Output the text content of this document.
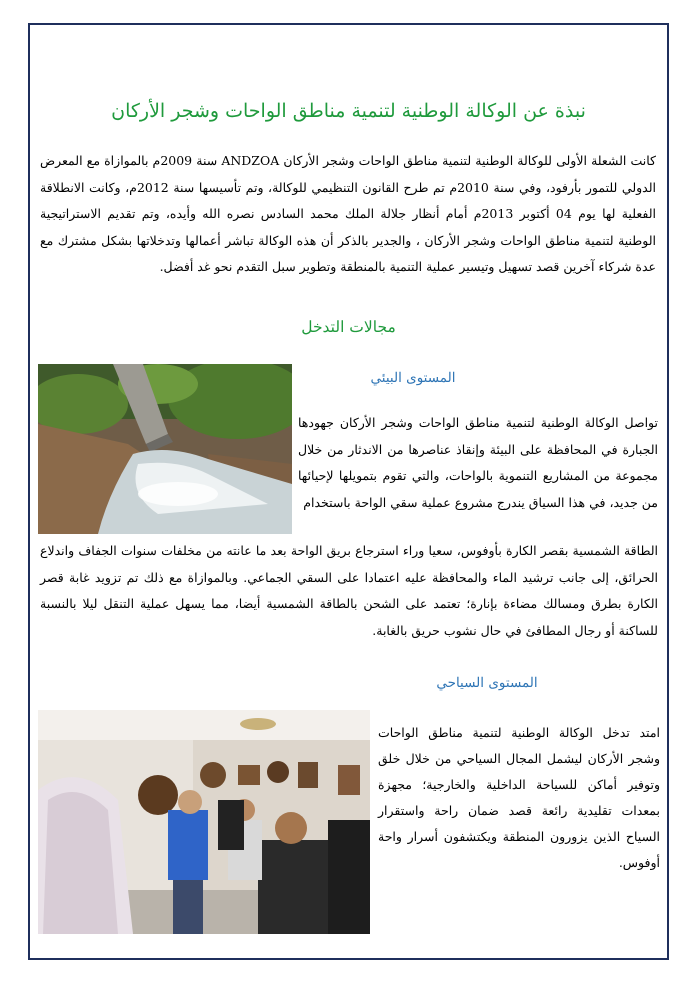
نبذة عن الوكالة الوطنية لتنمية مناطق الواحات وشجر الأركان

كانت الشعلة الأولى للوكالة الوطنية لتنمية مناطق الواحات وشجر الأركان ANDZOA سنة 2009م بالموازاة مع المعرض الدولي للتمور بأرفود، وفي سنة 2010م تم طرح القانون التنظيمي للوكالة، وتم تأسيسها سنة 2012م، وكانت الانطلاقة الفعلية لها يوم 04 أكتوبر 2013م أمام أنظار جلالة الملك محمد السادس نصره الله وأيده، وتم تقديم الاستراتيجية الوطنية لتنمية مناطق الواحات وشجر الأركان ، والجدير بالذكر أن هذه الوكالة تباشر أعمالها وتدخلاتها بشكل مشترك مع عدة شركاء آخرين قصد تسهيل وتيسير عملية التنمية بالمنطقة وتطوير سبل التقدم نحو غد أفضل.

مجالات التدخل
المستوى البيئي

تواصل الوكالة الوطنية لتنمية مناطق الواحات وشجر الأركان جهودها الجبارة في المحافظة على البيئة وإنقاذ عناصرها من الاندثار من خلال مجموعة من المشاريع التنموية بالواحات، والتي تقوم بتمويلها لإحيائها من جديد، في هذا السياق يندرج مشروع عملية سقي الواحة باستخدام

الطاقة الشمسية بقصر الكارة بأوفوس، سعيا وراء استرجاع بريق الواحة بعد ما عانته من مخلفات سنوات الجفاف واندلاع الحرائق، إلى جانب ترشيد الماء والمحافظة عليه اعتمادا على السقي الجماعي. وبالموازاة مع ذلك تم تزويد غابة قصر الكارة بطرق ومسالك مضاءة بإنارة؛ تعتمد على الشحن بالطاقة الشمسية أيضا، مما يسهل عملية التنقل ليلا بالنسبة للساكنة أو رجال المطافئ في حال نشوب حريق بالغابة.

المستوى السياحي

امتد تدخل الوكالة الوطنية لتنمية مناطق الواحات وشجر الأركان ليشمل المجال السياحي من خلال خلق وتوفير أماكن للسياحة الداخلية والخارجية؛ مجهزة بمعدات تقليدية رائعة قصد ضمان راحة واستقرار السياح الذين يزورون المنطقة ويكتشفون أسرار واحة أوفوس.
